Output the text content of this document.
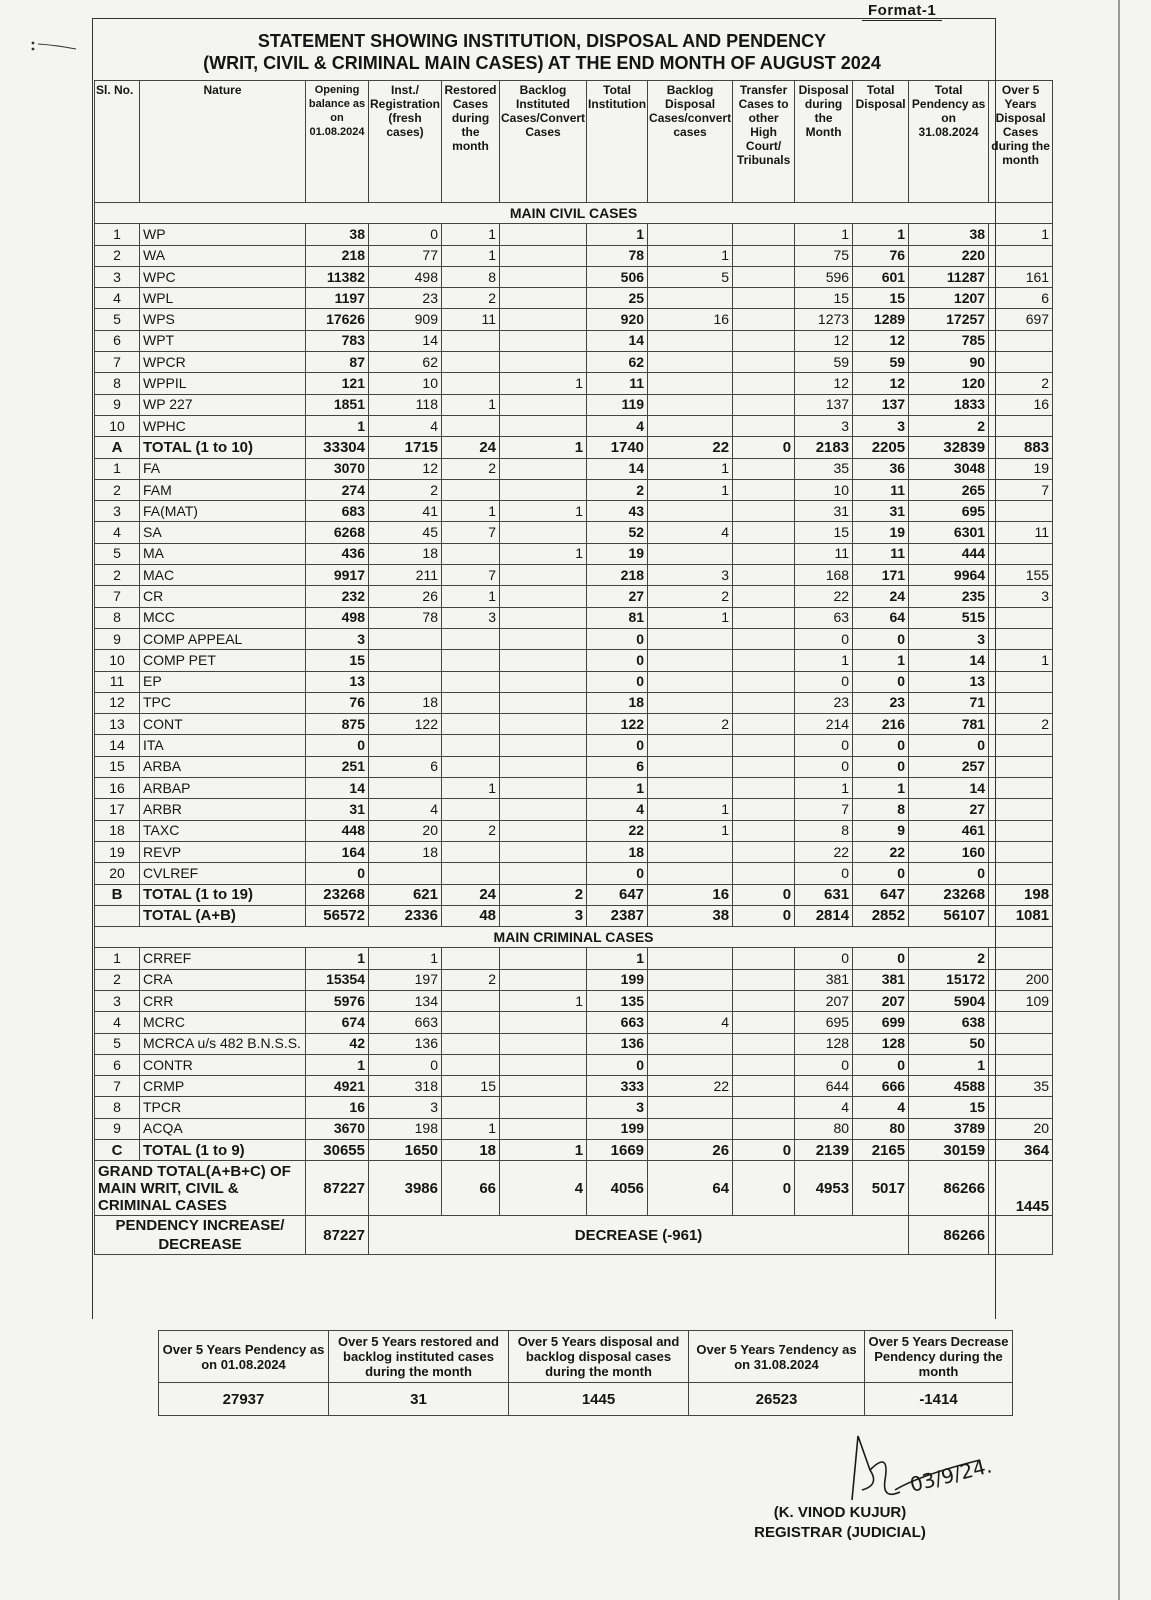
Format-1
STATEMENT SHOWING INSTITUTION, DISPOSAL AND PENDENCY
(WRIT, CIVIL & CRIMINAL MAIN CASES) AT THE END MONTH OF AUGUST 2024
Sl. No.	Nature	Opening balance as on 01.08.2024	Inst./ Registration (fresh cases)	Restored Cases during the month	Backlog Instituted Cases/Convert Cases	Total Institution	Backlog Disposal Cases/convert cases	Transfer Cases to other High Court/ Tribunals	Disposal during the Month	Total Disposal	Total Pendency as on 31.08.2024	Over 5 Years Disposal Cases during the month
MAIN CIVIL CASES												
1	WP	38	0	1		1			1	1	38	1
2	WA	218	77	1		78	1		75	76	220	
3	WPC	11382	498	8		506	5		596	601	11287	161
4	WPL	1197	23	2		25			15	15	1207	6
5	WPS	17626	909	11		920	16		1273	1289	17257	697
6	WPT	783	14			14			12	12	785	
7	WPCR	87	62			62			59	59	90	
8	WPPIL	121	10		1	11			12	12	120	2
9	WP 227	1851	118	1		119			137	137	1833	16
10	WPHC	1	4			4			3	3	2	
A	TOTAL (1 to 10)	33304	1715	24	1	1740	22	0	2183	2205	32839	883
1	FA	3070	12	2		14	1		35	36	3048	19
2	FAM	274	2			2	1		10	11	265	7
3	FA(MAT)	683	41	1	1	43			31	31	695	
4	SA	6268	45	7		52	4		15	19	6301	11
5	MA	436	18		1	19			11	11	444	
2	MAC	9917	211	7		218	3		168	171	9964	155
7	CR	232	26	1		27	2		22	24	235	3
8	MCC	498	78	3		81	1		63	64	515	
9	COMP APPEAL	3				0			0	0	3	
10	COMP PET	15				0			1	1	14	1
11	EP	13				0			0	0	13	
12	TPC	76	18			18			23	23	71	
13	CONT	875	122			122	2		214	216	781	2
14	ITA	0				0			0	0	0	
15	ARBA	251	6			6			0	0	257	
16	ARBAP	14		1		1			1	1	14	
17	ARBR	31	4			4	1		7	8	27	
18	TAXC	448	20	2		22	1		8	9	461	
19	REVP	164	18			18			22	22	160	
20	CVLREF	0				0			0	0	0	
B	TOTAL (1 to 19)	23268	621	24	2	647	16	0	631	647	23268	198
	TOTAL (A+B)	56572	2336	48	3	2387	38	0	2814	2852	56107	1081
MAIN CRIMINAL CASES												
1	CRREF	1	1			1			0	0	2	
2	CRA	15354	197	2		199			381	381	15172	200
3	CRR	5976	134		1	135			207	207	5904	109
4	MCRC	674	663			663	4		695	699	638	
5	MCRCA u/s 482 B.N.S.S.	42	136			136			128	128	50	
6	CONTR	1	0			0			0	0	1	
7	CRMP	4921	318	15		333	22		644	666	4588	35
8	TPCR	16	3			3			4	4	15	
9	ACQA	3670	198	1		199			80	80	3789	20
C	TOTAL (1 to 9)	30655	1650	18	1	1669	26	0	2139	2165	30159	364
GRAND TOTAL(A+B+C) OF MAIN WRIT, CIVIL & CRIMINAL CASES		87227	3986	66	4	4056	64	0	4953	5017	86266	1445
PENDENCY INCREASE/ DECREASE		87227	DECREASE (-961)								86266	
Over 5 Years Pendency as on 01.08.2024	Over 5 Years restored and backlog instituted cases during the month	Over 5 Years disposal and backlog disposal cases during the month	Over 5 Years 7endency as on 31.08.2024	Over 5 Years Decrease Pendency during the month
27937	31	1445	26523	-1414
03/9/24.
(K. VINOD KUJUR)
REGISTRAR (JUDICIAL)
